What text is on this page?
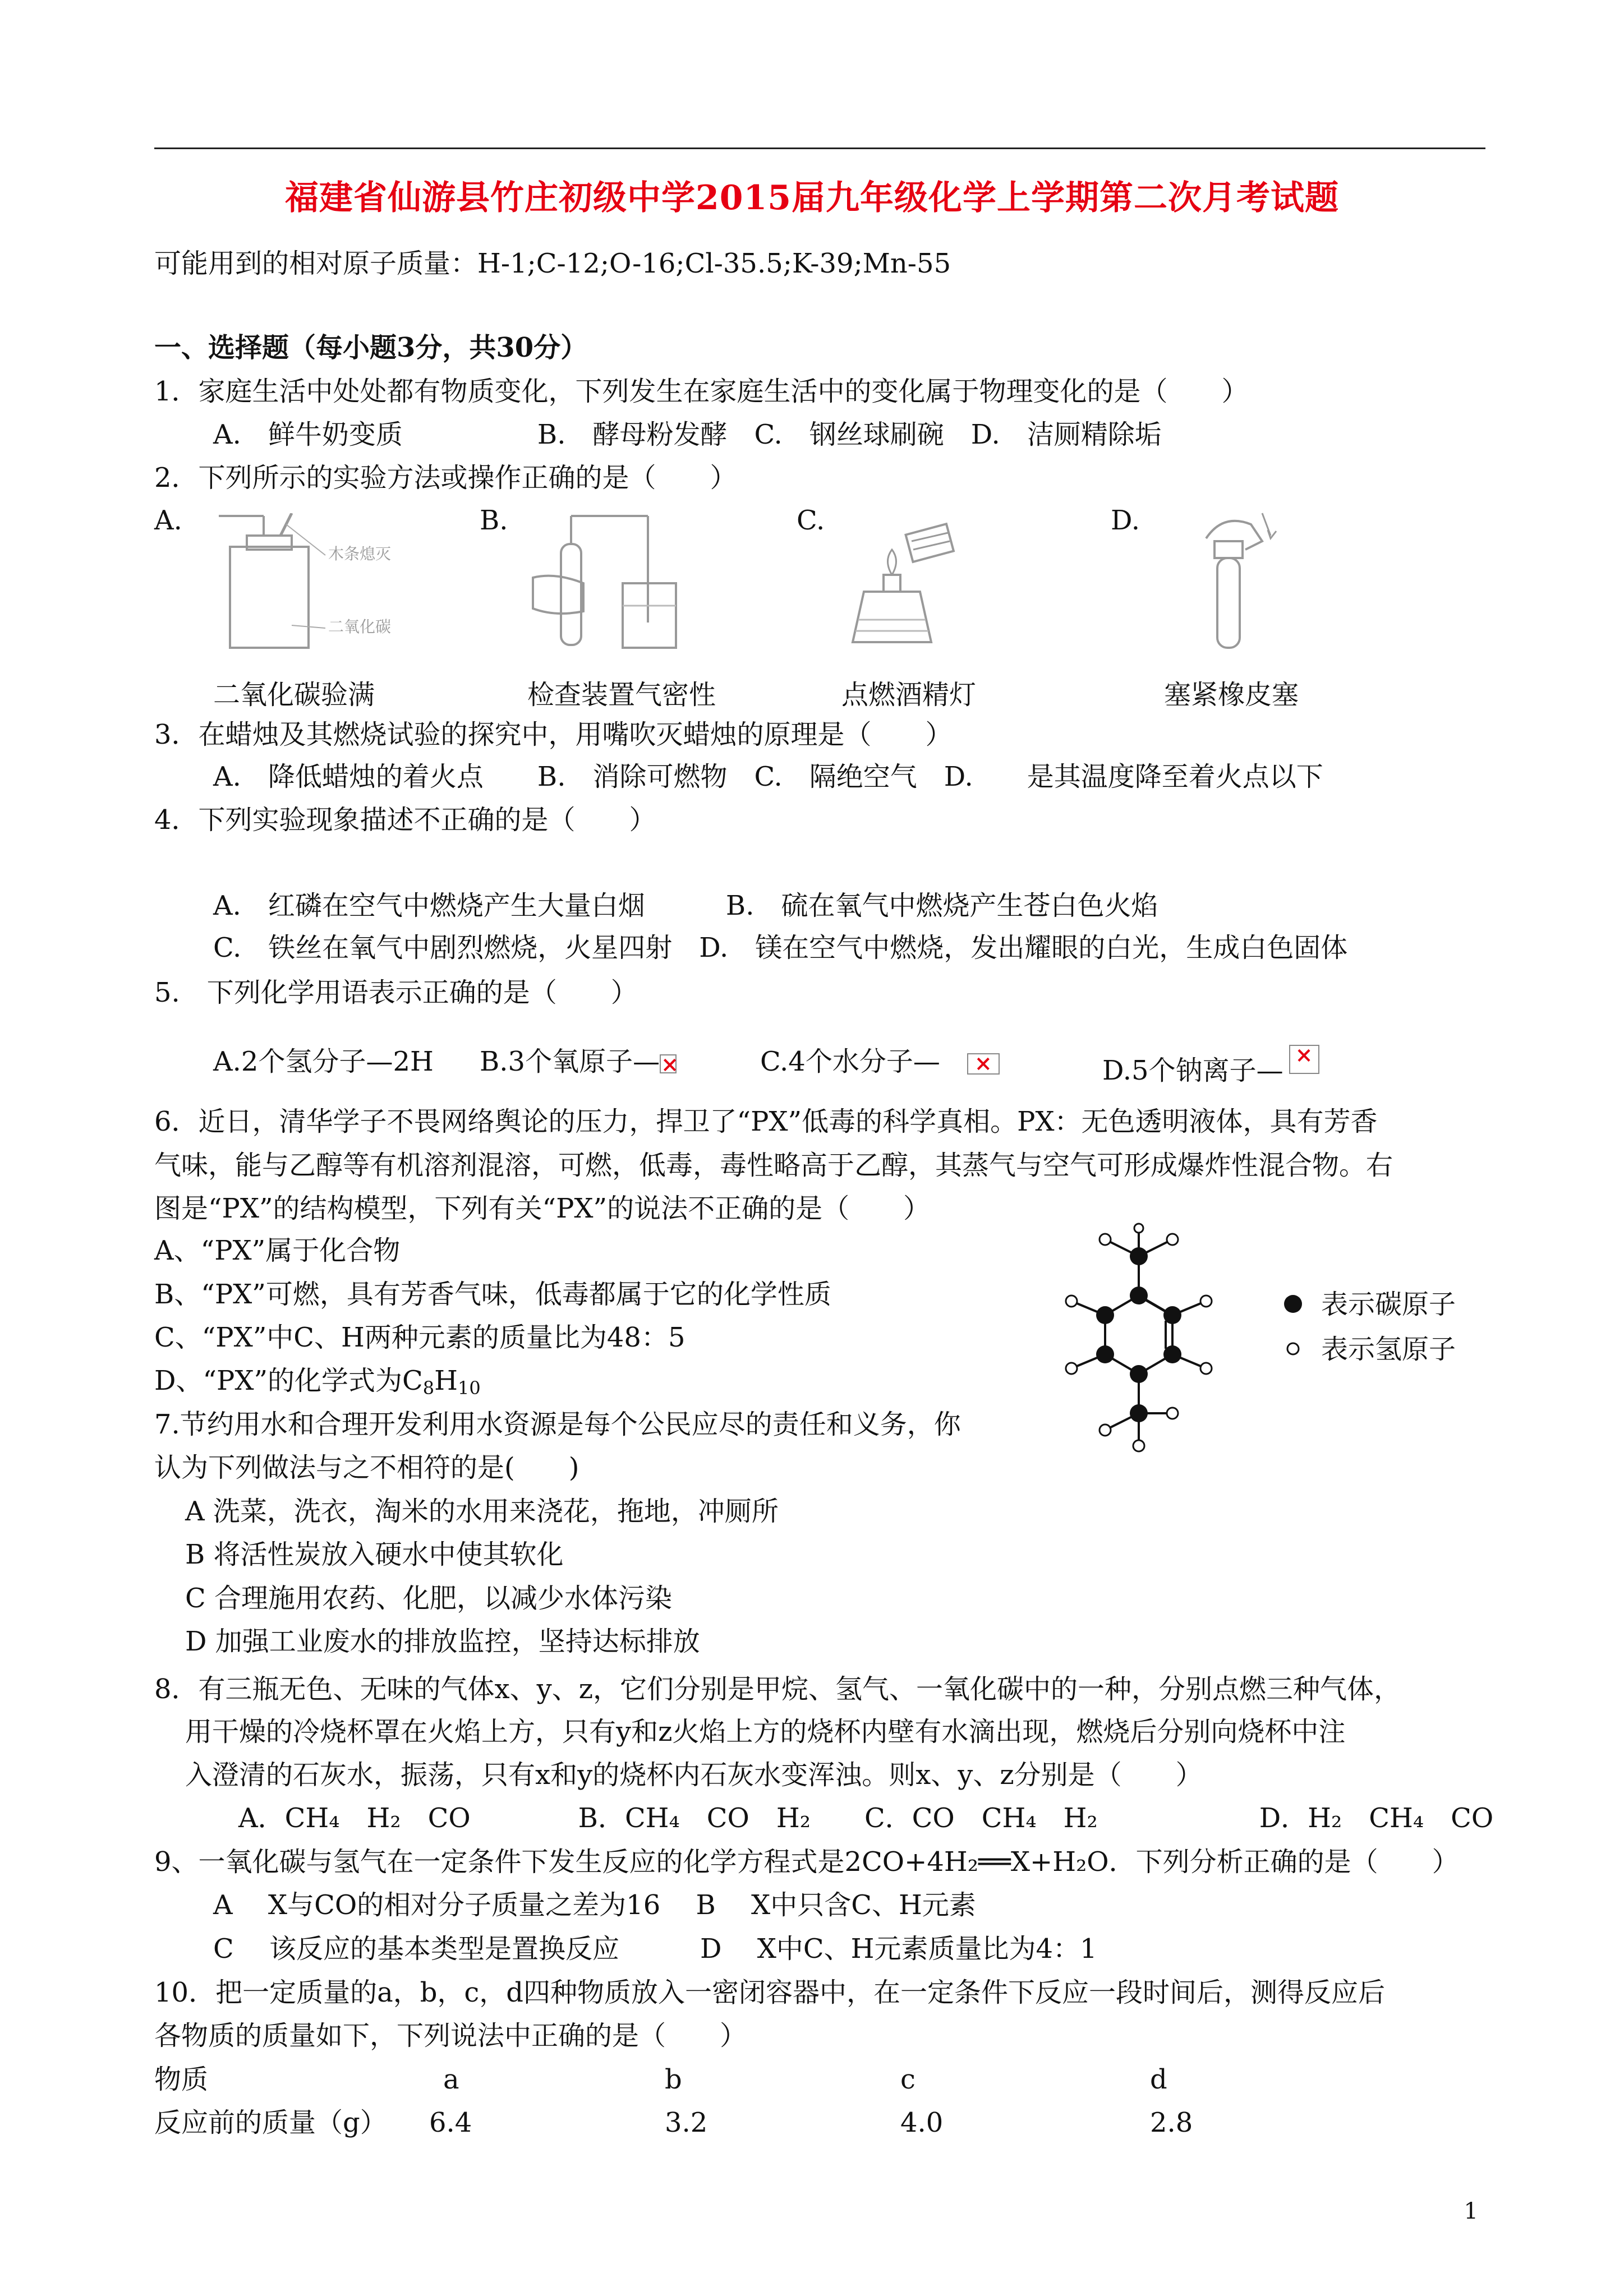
福建省仙游县竹庄初级中学2015届九年级化学上学期第二次月考试题
可能用到的相对原子质量：H-1;C-12;O-16;Cl-35.5;K-39;Mn-55
一、选择题（每小题3分，共30分）
1．家庭生活中处处都有物质变化，下列发生在家庭生活中的变化属于物理变化的是（　　）
A.　鲜牛奶变质　　　　　B.　酵母粉发酵　C.　钢丝球刷碗　D.　洁厕精除垢
2．下列所示的实验方法或操作正确的是（　　）
A.	B.	C.	D.
木条熄灭
二氧化碳
二氧化碳验满	检查装置气密性	点燃酒精灯	塞紧橡皮塞
3．在蜡烛及其燃烧试验的探究中，用嘴吹灭蜡烛的原理是（　　）
A.　降低蜡烛的着火点　　B.　消除可燃物　C.　隔绝空气　D.　　是其温度降至着火点以下
4．下列实验现象描述不正确的是（　　）
A.　红磷在空气中燃烧产生大量白烟　　　B.　硫在氧气中燃烧产生苍白色火焰
C.　铁丝在氧气中剧烈燃烧，火星四射　D.　镁在空气中燃烧，发出耀眼的白光，生成白色固体
5.　下列化学用语表示正确的是（　　）
A.2个氢分子—2H B.3个氧原子— ×	C.4个水分子—　 ×	D.5个钠离子— ×
6．近日，清华学子不畏网络舆论的压力，捍卫了“PX”低毒的科学真相。PX：无色透明液体，具有芳香
气味，能与乙醇等有机溶剂混溶，可燃，低毒，毒性略高于乙醇，其蒸气与空气可形成爆炸性混合物。右
图是“PX”的结构模型，下列有关“PX”的说法不正确的是（　　）
A、“PX”属于化合物
B、“PX”可燃，具有芳香气味，低毒都属于它的化学性质
C、“PX”中C、H两种元素的质量比为48：5
D、“PX”的化学式为$C_8H_{10}$
表示碳原子
表示氢原子
7.节约用水和合理开发利用水资源是每个公民应尽的责任和义务，你
认为下列做法与之不相符的是(　　)
A 洗菜，洗衣，淘米的水用来浇花，拖地，冲厕所
B 将活性炭放入硬水中使其软化
C 合理施用农药、化肥，以减少水体污染
D 加强工业废水的排放监控，坚持达标排放
8．有三瓶无色、无味的气体x、y、z，它们分别是甲烷、氢气、一氧化碳中的一种，分别点燃三种气体，
用干燥的冷烧杯罩在火焰上方，只有y和z火焰上方的烧杯内壁有水滴出现，燃烧后分别向烧杯中注
入澄清的石灰水，振荡，只有x和y的烧杯内石灰水变浑浊。则x、y、z分别是（　　）
A．CH₄　H₂　CO　　　　B．CH₄　CO　H₂　　C．CO　CH₄　H₂　　　　　　D．H₂　CH₄　CO
9、一氧化碳与氢气在一定条件下发生反应的化学方程式是2CO+4H₂══X+H₂O．下列分析正确的是（　　）
A　 X与CO的相对分子质量之差为16　 B　 X中只含C、H元素
C　 该反应的基本类型是置换反应　　　D　 X中C、H元素质量比为4：1
10．把一定质量的a，b，c，d四种物质放入一密闭容器中，在一定条件下反应一段时间后，测得反应后
各物质的质量如下，下列说法中正确的是（　　）
物质	a	b	c	d
反应前的质量（g） 6.4	3.2	4.0	2.8
1
